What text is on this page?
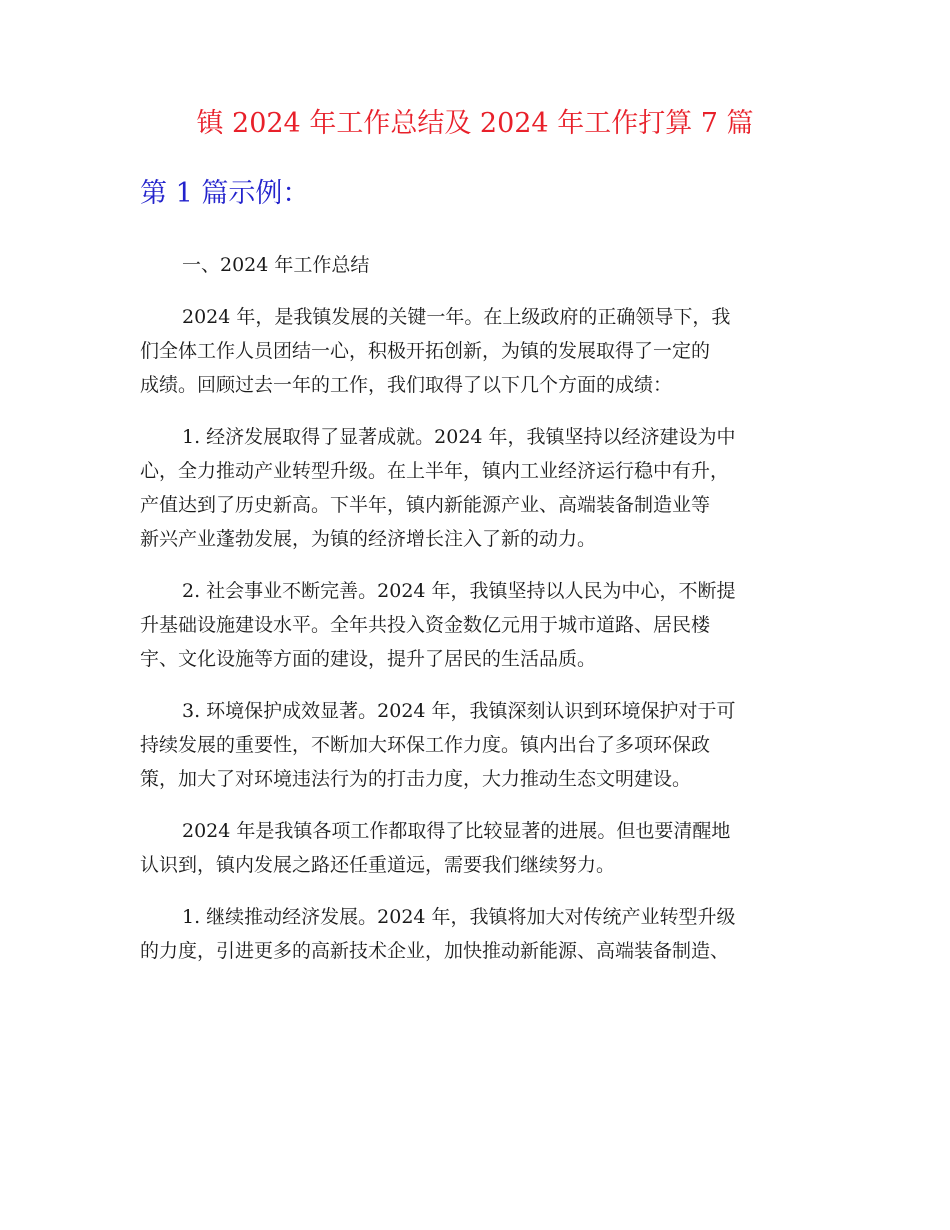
镇 2024 年工作总结及 2024 年工作打算 7 篇
第 1 篇示例：

一、2024 年工作总结

2024 年，是我镇发展的关键一年。在上级政府的正确领导下，我
们全体工作人员团结一心，积极开拓创新，为镇的发展取得了一定的
成绩。回顾过去一年的工作，我们取得了以下几个方面的成绩：

1. 经济发展取得了显著成就。2024 年，我镇坚持以经济建设为中
心，全力推动产业转型升级。在上半年，镇内工业经济运行稳中有升，
产值达到了历史新高。下半年，镇内新能源产业、高端装备制造业等
新兴产业蓬勃发展，为镇的经济增长注入了新的动力。

2. 社会事业不断完善。2024 年，我镇坚持以人民为中心，不断提
升基础设施建设水平。全年共投入资金数亿元用于城市道路、居民楼
宇、文化设施等方面的建设，提升了居民的生活品质。

3. 环境保护成效显著。2024 年，我镇深刻认识到环境保护对于可
持续发展的重要性，不断加大环保工作力度。镇内出台了多项环保政
策，加大了对环境违法行为的打击力度，大力推动生态文明建设。

2024 年是我镇各项工作都取得了比较显著的进展。但也要清醒地
认识到，镇内发展之路还任重道远，需要我们继续努力。

1. 继续推动经济发展。2024 年，我镇将加大对传统产业转型升级
的力度，引进更多的高新技术企业，加快推动新能源、高端装备制造、
